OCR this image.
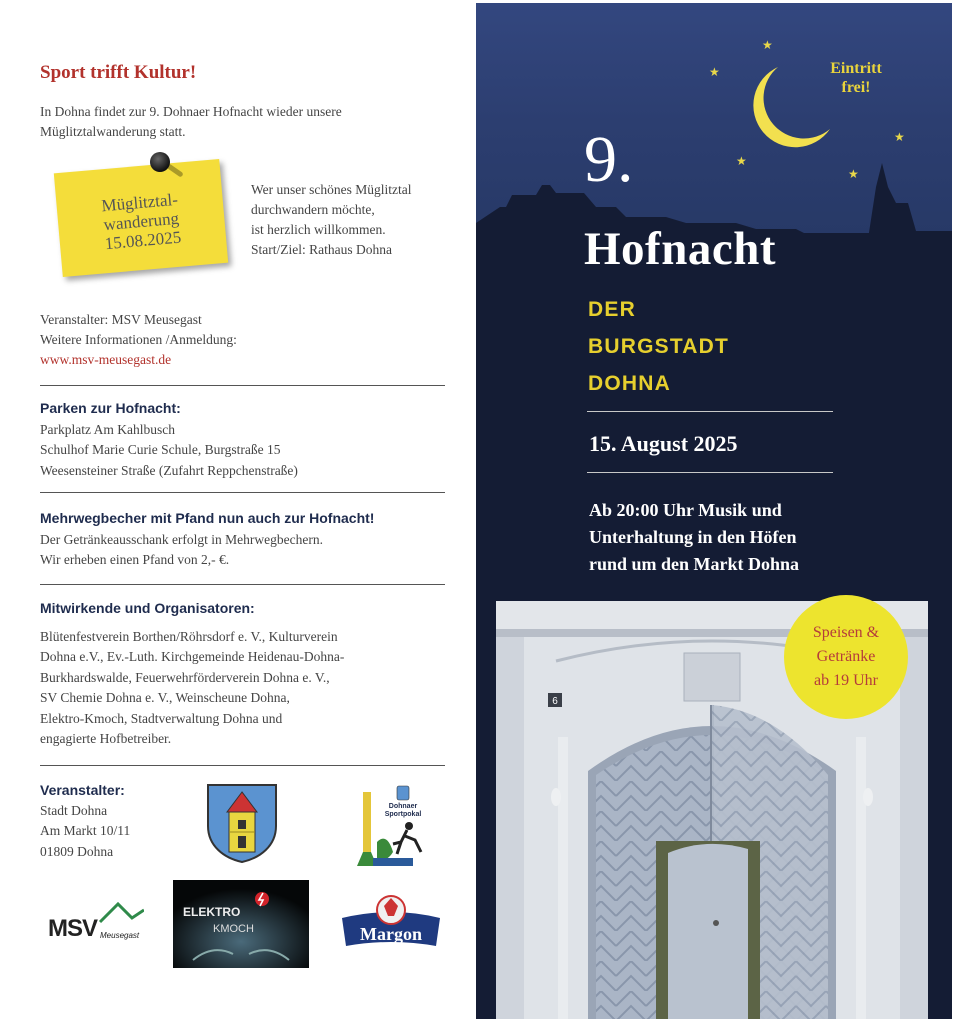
Sport trifft Kultur!
In Dohna findet zur 9. Dohnaer Hofnacht wieder unsere
Müglitztalwanderung statt.
Müglitztal-
wanderung
15.08.2025
Wer unser schönes Müglitztal
durchwandern möchte,
ist herzlich willkommen.
Start/Ziel: Rathaus Dohna
Veranstalter: MSV Meusegast
Weitere Informationen /Anmeldung:
www.msv-meusegast.de
Parken zur Hofnacht:
Parkplatz Am Kahlbusch
Schulhof Marie Curie Schule, Burgstraße 15
Weesensteiner Straße (Zufahrt Reppchenstraße)
Mehrwegbecher mit Pfand nun auch zur Hofnacht!
Der Getränkeausschank erfolgt in Mehrwegbechern.
Wir erheben einen Pfand von 2,- €.
Mitwirkende und Organisatoren:
Blütenfestverein Borthen/Röhrsdorf e. V., Kulturverein
Dohna e.V., Ev.-Luth. Kirchgemeinde Heidenau-Dohna-
Burkhardswalde, Feuerwehrförderverein Dohna e. V.,
SV Chemie Dohna e. V., Weinscheune Dohna,
Elektro-Kmoch, Stadtverwaltung Dohna und
engagierte Hofbetreiber.
Veranstalter:
Stadt Dohna
Am Markt 10/11
01809 Dohna
Dohnaer
Sportpokal
MSV Meusegast
ELEKTRO
KMOCH	Margon
★
★
★
★
★
Eintritt
frei!
9.
Hofnacht
DER
BURGSTADT
DOHNA
15. August 2025
Ab 20:00 Uhr Musik und
Unterhaltung in den Höfen
rund um den Markt Dohna
6
Speisen &
Getränke
ab 19 Uhr
